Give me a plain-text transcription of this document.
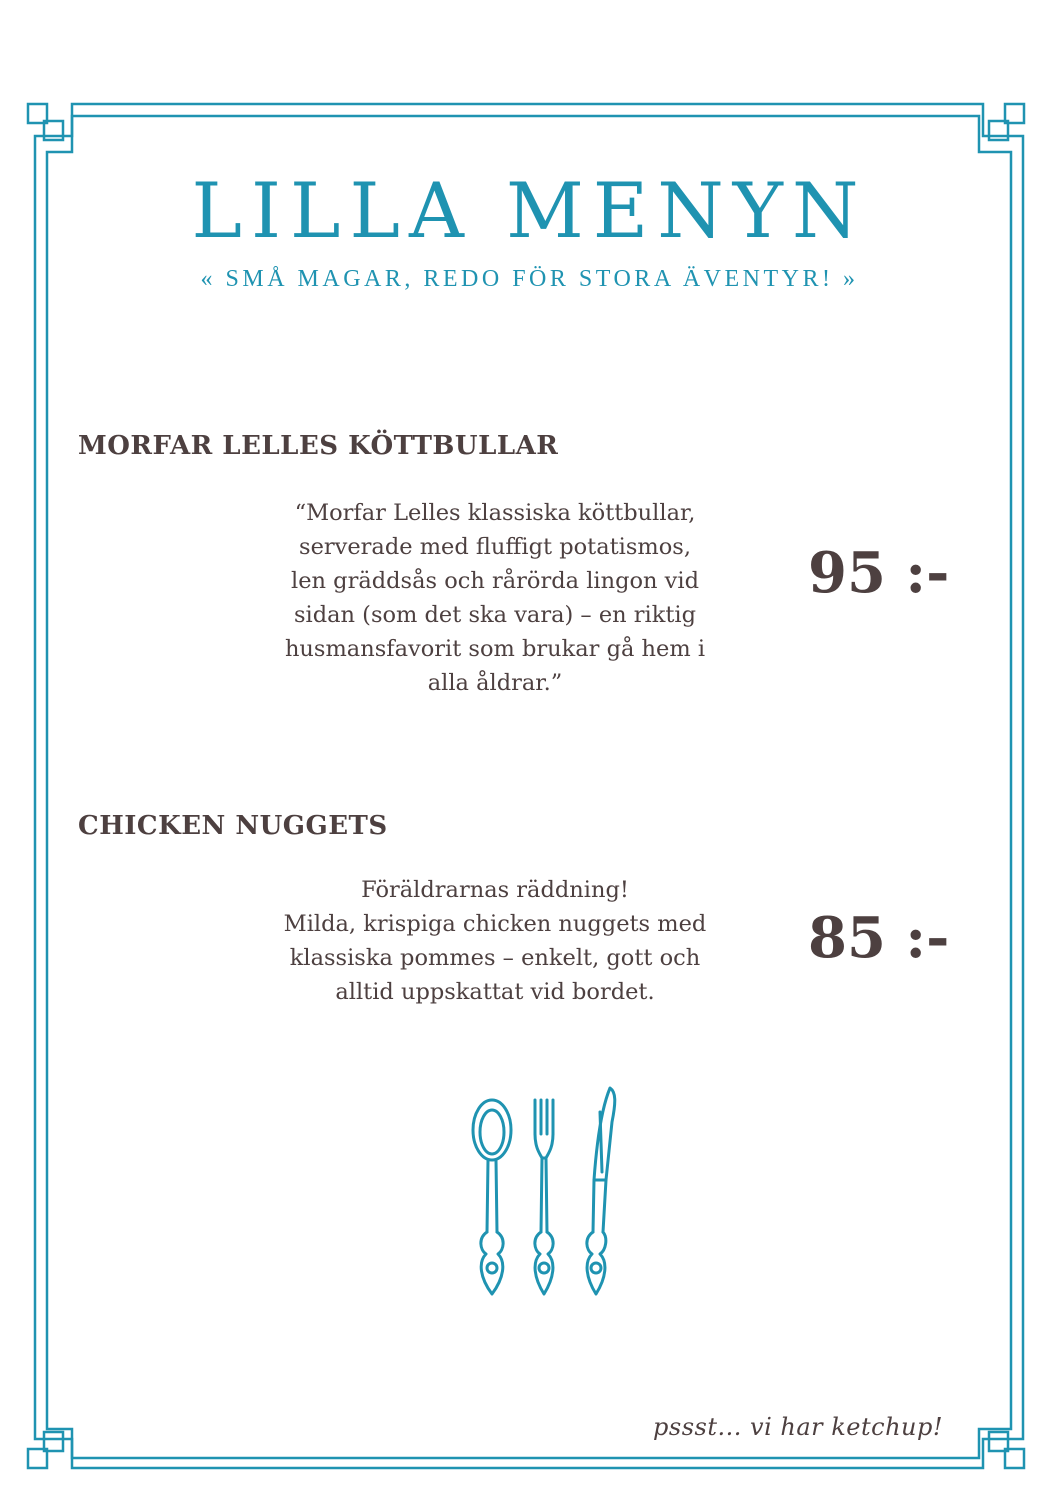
LILLA MENYN
« SMÅ MAGAR, REDO FÖR STORA ÄVENTYR! »
MORFAR LELLES KÖTTBULLAR
“Morfar Lelles klassiska köttbullar,
serverade med fluffigt potatismos,
len gräddsås och rårörda lingon vid
sidan (som det ska vara) – en riktig
husmansfavorit som brukar gå hem i
alla åldrar.”
95 :-
CHICKEN NUGGETS
Föräldrarnas räddning!
Milda, krispiga chicken nuggets med
klassiska pommes – enkelt, gott och
alltid uppskattat vid bordet.
85 :-
pssst... vi har ketchup!
